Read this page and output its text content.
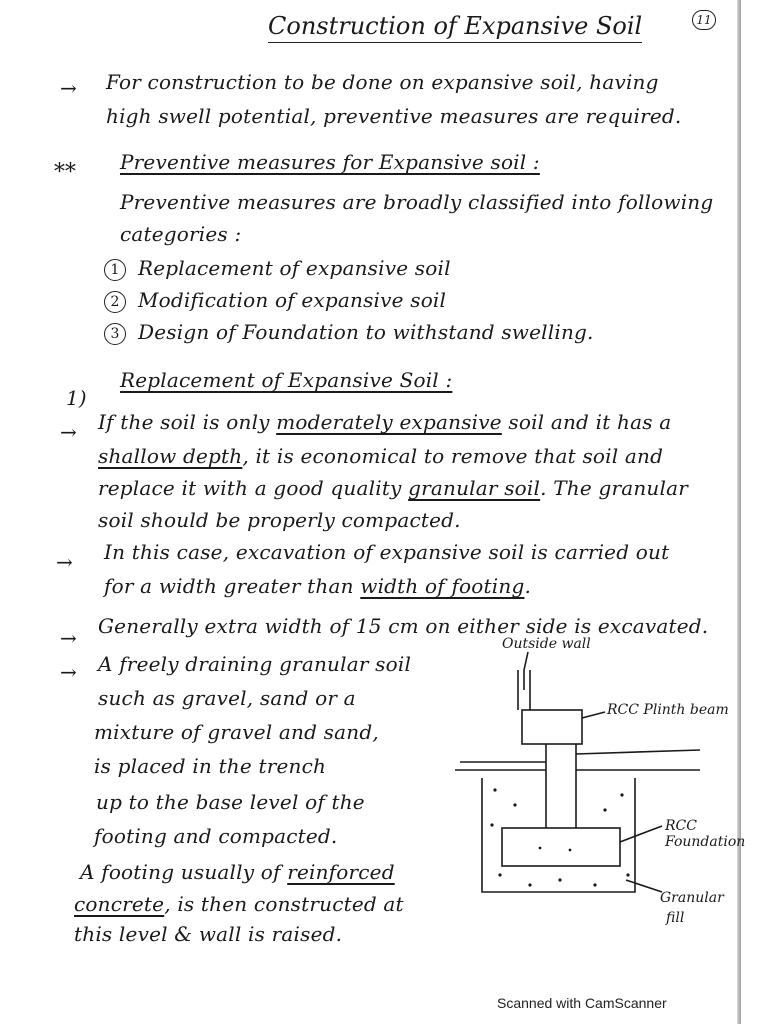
11
Construction of Expansive Soil
→ For construction to be done on expansive soil, having
high swell potential, preventive measures are required.
** Preventive measures for Expansive soil :
Preventive measures are broadly classified into following
categories :
1 Replacement of expansive soil
2 Modification of expansive soil
3 Design of Foundation to withstand swelling.
1)
Replacement of Expansive Soil :
→ If the soil is only moderately expansive soil and it has a
shallow depth, it is economical to remove that soil and
replace it with a good quality granular soil. The granular
soil should be properly compacted.
→ In this case, excavation of expansive soil is carried out
for a width greater than width of footing.
→ Generally extra width of 15 cm on either side is excavated.
→ A freely draining granular soil
such as gravel, sand or a
mixture of gravel and sand,
is placed in the trench
up to the base level of the
footing and compacted.
A footing usually of reinforced
concrete, is then constructed at
this level & wall is raised.
Outside wall
RCC Plinth beam
RCC
Foundation
Granular
fill
Scanned with CamScanner
